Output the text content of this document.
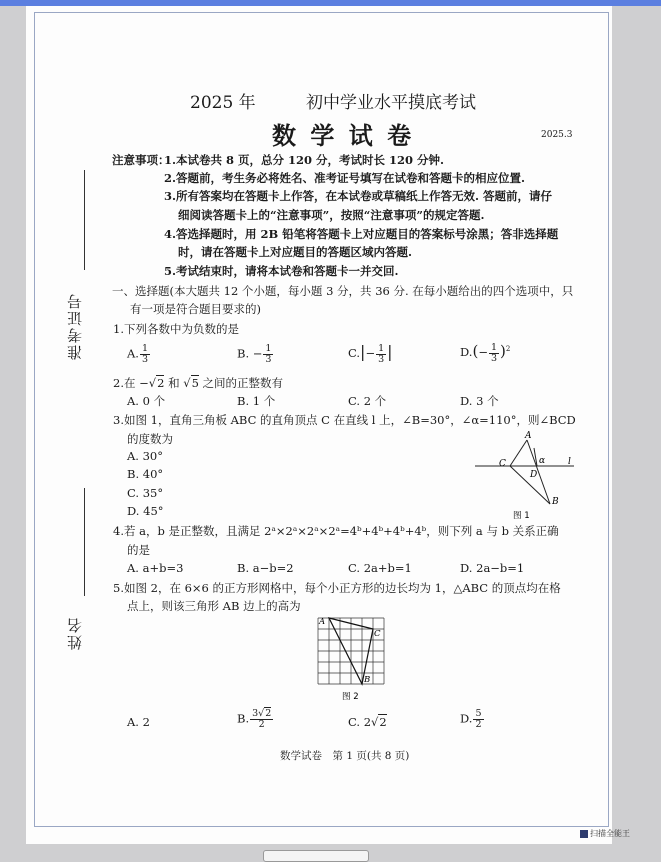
准考证号
姓名
2025 年	初中学业水平摸底考试
数 学 试 卷	2025.3
注意事项：
1.本试卷共 8 页，总分 120 分，考试时长 120 分钟.
2.答题前，考生务必将姓名、准考证号填写在试卷和答题卡的相应位置.
3.所有答案均在答题卡上作答，在本试卷或草稿纸上作答无效. 答题前，请仔
细阅读答题卡上的“注意事项”，按照“注意事项”的规定答题.
4.答选择题时，用 2B 铅笔将答题卡上对应题目的答案标号涂黑；答非选择题
时，请在答题卡上对应题目的答题区域内答题.
5.考试结束时，请将本试卷和答题卡一并交回.
一、选择题(本大题共 12 个小题，每小题 3 分，共 36 分. 在每小题给出的四个选项中，只
有一项是符合题目要求的)
1.下列各数中为负数的是
A. $\frac{1}{3}$	B. − $\frac{1}{3}$	$C.|- \frac{1}{3}$ |	$D.(- \frac{1}{3} )^2$
2.在 −√2 和 √5 之间的正整数有
A. 0 个	B. 1 个	C. 2 个	D. 3 个
3.如图 1，直角三角板 ABC 的直角顶点 C 在直线 l 上，∠B=30°，∠α=110°，则∠BCD
的度数为
A. 30°
B. 40°
C. 35°
D. 45°
A
C
D
α	l
B
图 1
4.若 a，b 是正整数，且满足 2ᵃ×2ᵃ×2ᵃ×2ᵃ=4ᵇ+4ᵇ+4ᵇ+4ᵇ，则下列 a 与 b 关系正确
的是
A. a+b=3	B. a−b=2	C. 2a+b=1	D. 2a−b=1
5.如图 2，在 6×6 的正方形网格中，每个小正方形的边长均为 1，△ABC 的顶点均在格
点上，则该三角形 AB 边上的高为
A
C
B
图 2
A. 2	B. $\frac{3√2}{2}$	C. 2√2	D. $\frac{5}{2}$
数学试卷　第 1 页(共 8 页)
扫描全能王
